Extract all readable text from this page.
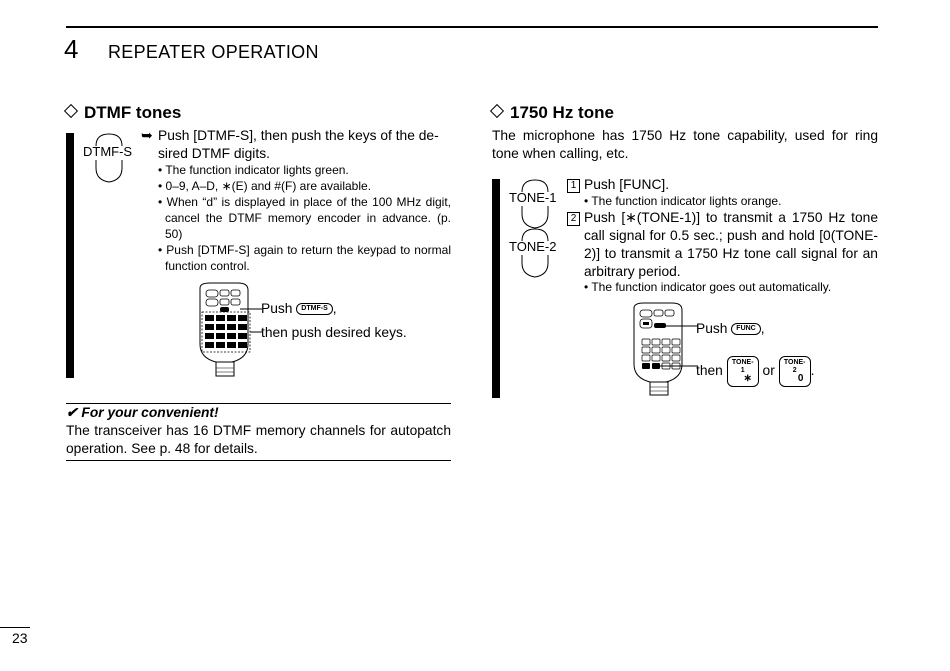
4 REPEATER OPERATION
DTMF tones
DTMF-S
➥ Push [DTMF-S], then push the keys of the de-
sired DTMF digits.
• The function indicator lights green.
• 0–9, A–D, ∗(E) and #(F) are available.
• When “d” is displayed in place of the 100 MHz digit, cancel the DTMF memory encoder in advance. (p. 50)
• Push [DTMF-S] again to return the keypad to normal function control.
Push DTMF-S ,
then push desired keys.
✔ For your convenient!
The transceiver has 16 DTMF memory channels for autopatch operation. See p. 48 for details.
1750 Hz tone
The microphone has 1750 Hz tone capability, used for ring tone when calling, etc.
TONE-1
TONE-2
1 Push [FUNC].
• The function indicator lights orange.
2 Push [∗(TONE-1)] to transmit a 1750 Hz tone call signal for 0.5 sec.; push and hold [0(TONE-2)] to transmit a 1750 Hz tone call signal for an arbitrary period.
• The function indicator goes out automatically.
Push FUNC ,
then TONE-1
∗ or TONE-2
0.
23
